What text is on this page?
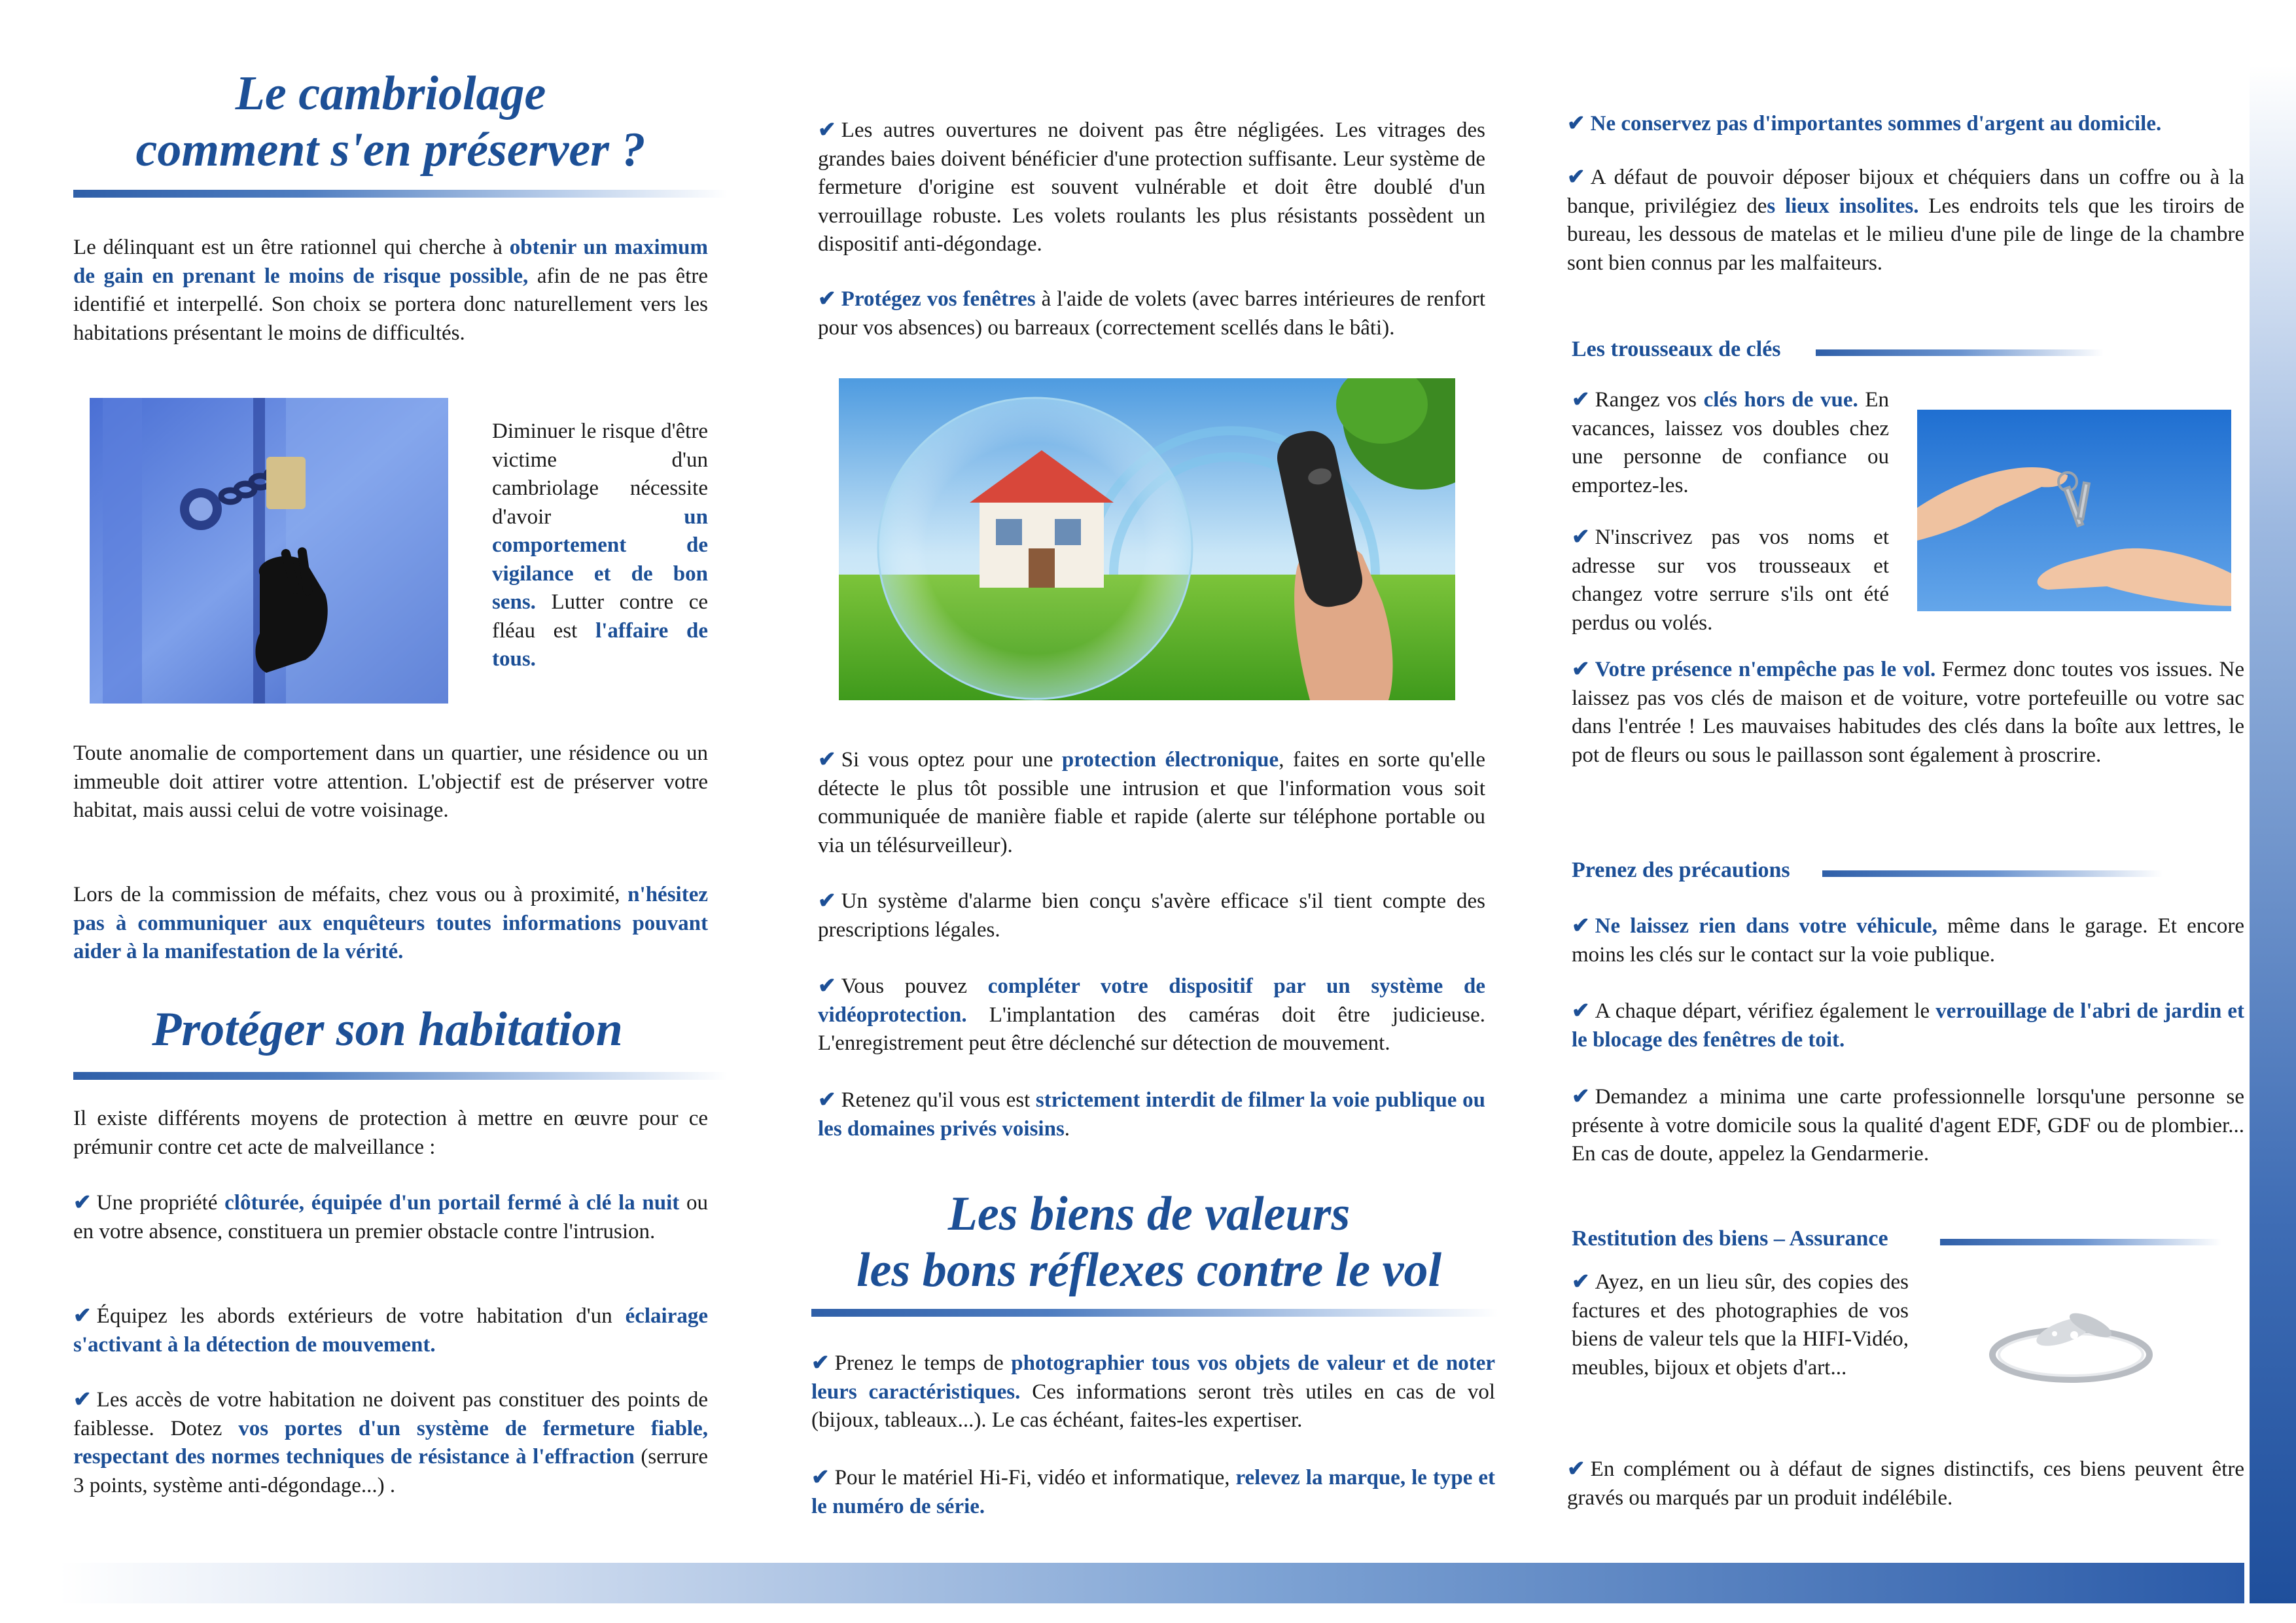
Le cambriolage
comment s'en préserver ?

Le délinquant est un être rationnel qui cherche à obtenir un maximum de gain en prenant le moins de risque possible, afin de ne pas être identifié et interpellé. Son choix se portera donc naturellement vers les habitations présentant le moins de difficultés.

Diminuer le risque d'être victime d'un cambriolage nécessite d'avoir un comportement de vigilance et de bon sens. Lutter contre ce fléau est l'affaire de tous.

Toute anomalie de comportement dans un quartier, une résidence ou un immeuble doit attirer votre attention. L'objectif est de préserver votre habitat, mais aussi celui de votre voisinage.

Lors de la commission de méfaits, chez vous ou à proximité, n'hésitez pas à communiquer aux enquêteurs toutes informations pouvant aider à la manifestation de la vérité.

Protéger son habitation

Il existe différents moyens de protection à mettre en œuvre pour ce prémunir contre cet acte de malveillance :

✔ Une propriété clôturée, équipée d'un portail fermé à clé la nuit ou en votre absence, constituera un premier obstacle contre l'intrusion.

✔ Équipez les abords extérieurs de votre habitation d'un éclairage s'activant à la détection de mouvement.

✔ Les accès de votre habitation ne doivent pas constituer des points de faiblesse. Dotez vos portes d'un système de fermeture fiable, respectant des normes techniques de résistance à l'effraction (serrure 3 points, système anti-dégondage...) .

✔ Les autres ouvertures ne doivent pas être négligées. Les vitrages des grandes baies doivent bénéficier d'une protection suffisante. Leur système de fermeture d'origine est souvent vulnérable et doit être doublé d'un verrouillage robuste. Les volets roulants les plus résistants possèdent un dispositif anti-dégondage.

✔ Protégez vos fenêtres à l'aide de volets (avec barres intérieures de renfort pour vos absences) ou barreaux (correctement scellés dans le bâti).

✔ Si vous optez pour une protection électronique, faites en sorte qu'elle détecte le plus tôt possible une intrusion et que l'information vous soit communiquée de manière fiable et rapide (alerte sur téléphone portable ou via un télésurveilleur).

✔ Un système d'alarme bien conçu s'avère efficace s'il tient compte des prescriptions légales.

✔ Vous pouvez compléter votre dispositif par un système de vidéoprotection. L'implantation des caméras doit être judicieuse. L'enregistrement peut être déclenché sur détection de mouvement.

✔ Retenez qu'il vous est strictement interdit de filmer la voie publique ou les domaines privés voisins.

Les biens de valeurs
les bons réflexes contre le vol

✔ Prenez le temps de photographier tous vos objets de valeur et de noter leurs caractéristiques. Ces informations seront très utiles en cas de vol (bijoux, tableaux...). Le cas échéant, faites-les expertiser.

✔ Pour le matériel Hi-Fi, vidéo et informatique, relevez la marque, le type et le numéro de série.

✔ Ne conservez pas d'importantes sommes d'argent au domicile.

✔ A défaut de pouvoir déposer bijoux et chéquiers dans un coffre ou à la banque, privilégiez des lieux insolites. Les endroits tels que les tiroirs de bureau, les dessous de matelas et le milieu d'une pile de linge de la chambre sont bien connus par les malfaiteurs.

Les trousseaux de clés

✔ Rangez vos clés hors de vue. En vacances, laissez vos doubles chez une personne de confiance ou emportez-les.

✔ N'inscrivez pas vos noms et adresse sur vos trousseaux et changez votre serrure s'ils ont été perdus ou volés.

✔ Votre présence n'empêche pas le vol. Fermez donc toutes vos issues. Ne laissez pas vos clés de maison et de voiture, votre portefeuille ou votre sac dans l'entrée ! Les mauvaises habitudes des clés dans la boîte aux lettres, le pot de fleurs ou sous le paillasson sont également à proscrire.

Prenez des précautions

✔ Ne laissez rien dans votre véhicule, même dans le garage. Et encore moins les clés sur le contact sur la voie publique.

✔ A chaque départ, vérifiez également le verrouillage de l'abri de jardin et le blocage des fenêtres de toit.

✔ Demandez a minima une carte professionnelle lorsqu'une personne se présente à votre domicile sous la qualité d'agent EDF, GDF ou de plombier... En cas de doute, appelez la Gendarmerie.

Restitution des biens – Assurance

✔ Ayez, en un lieu sûr, des copies des factures et des photographies de vos biens de valeur tels que la HIFI-Vidéo, meubles, bijoux et objets d'art...

✔ En complément ou à défaut de signes distinctifs, ces biens peuvent être gravés ou marqués par un produit indélébile.
